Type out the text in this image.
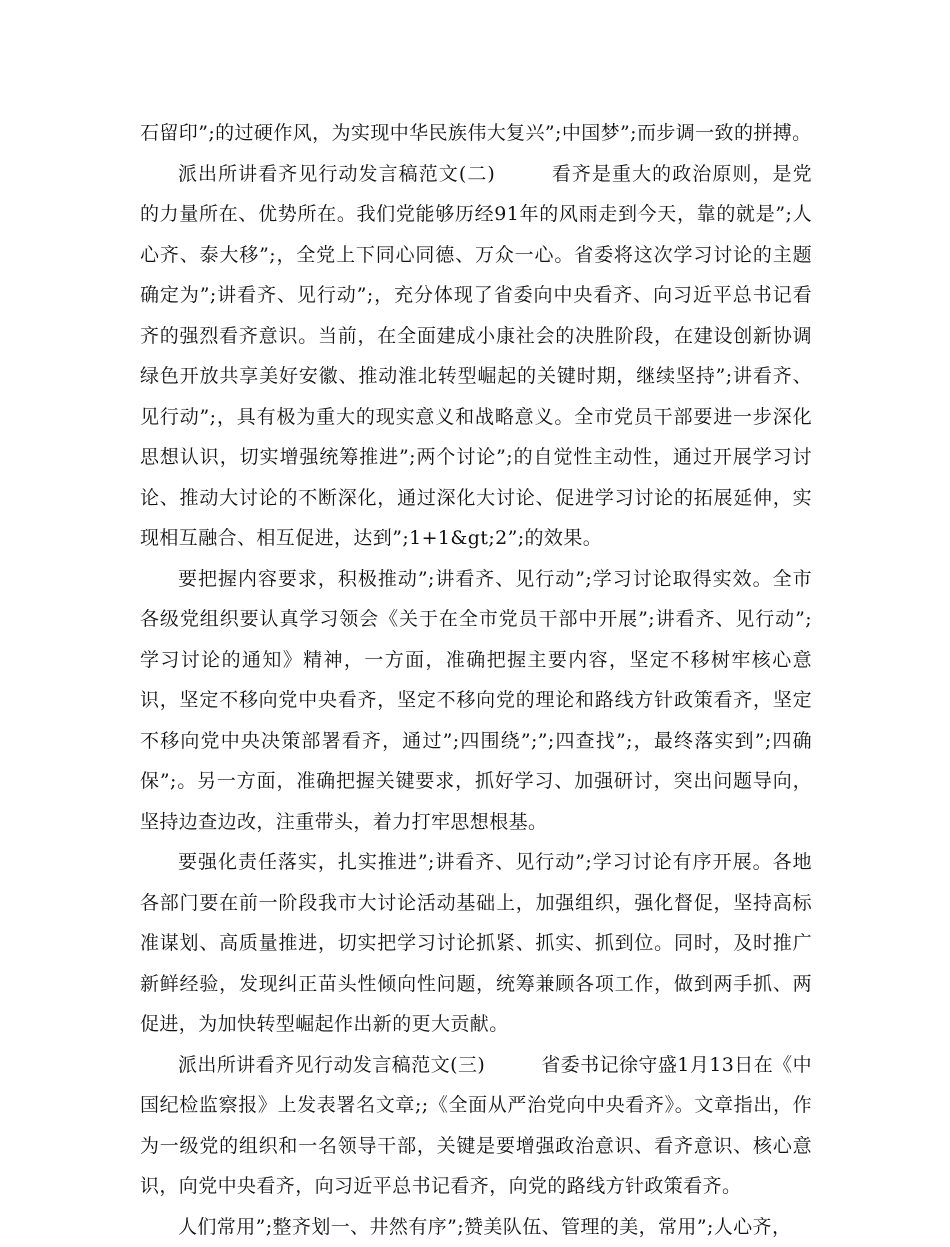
石留印”;的过硬作风，为实现中华民族伟大复兴”;中国梦”;而步调一致的拼搏。

派出所讲看齐见行动发言稿范文(二)	看齐是重大的政治原则，是党的力量所在、优势所在。我们党能够历经91年的风雨走到今天，靠的就是”;人心齐、泰大移”;，全党上下同心同德、万众一心。省委将这次学习讨论的主题确定为”;讲看齐、见行动”;，充分体现了省委向中央看齐、向习近平总书记看齐的强烈看齐意识。当前，在全面建成小康社会的决胜阶段，在建设创新协调绿色开放共享美好安徽、推动淮北转型崛起的关键时期，继续坚持”;讲看齐、见行动”;，具有极为重大的现实意义和战略意义。全市党员干部要进一步深化思想认识，切实增强统筹推进”;两个讨论”;的自觉性主动性，通过开展学习讨论、推动大讨论的不断深化，通过深化大讨论、促进学习讨论的拓展延伸，实现相互融合、相互促进，达到”;1+1&gt;2”;的效果。

要把握内容要求，积极推动”;讲看齐、见行动”;学习讨论取得实效。全市各级党组织要认真学习领会《关于在全市党员干部中开展”;讲看齐、见行动”;学习讨论的通知》精神，一方面，准确把握主要内容，坚定不移树牢核心意识，坚定不移向党中央看齐，坚定不移向党的理论和路线方针政策看齐，坚定不移向党中央决策部署看齐，通过”;四围绕”;”;四查找”;，最终落实到”;四确保”;。另一方面，准确把握关键要求，抓好学习、加强研讨，突出问题导向，坚持边查边改，注重带头，着力打牢思想根基。

要强化责任落实，扎实推进”;讲看齐、见行动”;学习讨论有序开展。各地各部门要在前一阶段我市大讨论活动基础上，加强组织，强化督促，坚持高标准谋划、高质量推进，切实把学习讨论抓紧、抓实、抓到位。同时，及时推广新鲜经验，发现纠正苗头性倾向性问题，统筹兼顾各项工作，做到两手抓、两促进，为加快转型崛起作出新的更大贡献。

派出所讲看齐见行动发言稿范文(三)	省委书记徐守盛1月13日在《中国纪检监察报》上发表署名文章;;《全面从严治党向中央看齐》。文章指出，作为一级党的组织和一名领导干部，关键是要增强政治意识、看齐意识、核心意识，向党中央看齐，向习近平总书记看齐，向党的路线方针政策看齐。

人们常用”;整齐划一、井然有序”;赞美队伍、管理的美，常用”;人心齐，
